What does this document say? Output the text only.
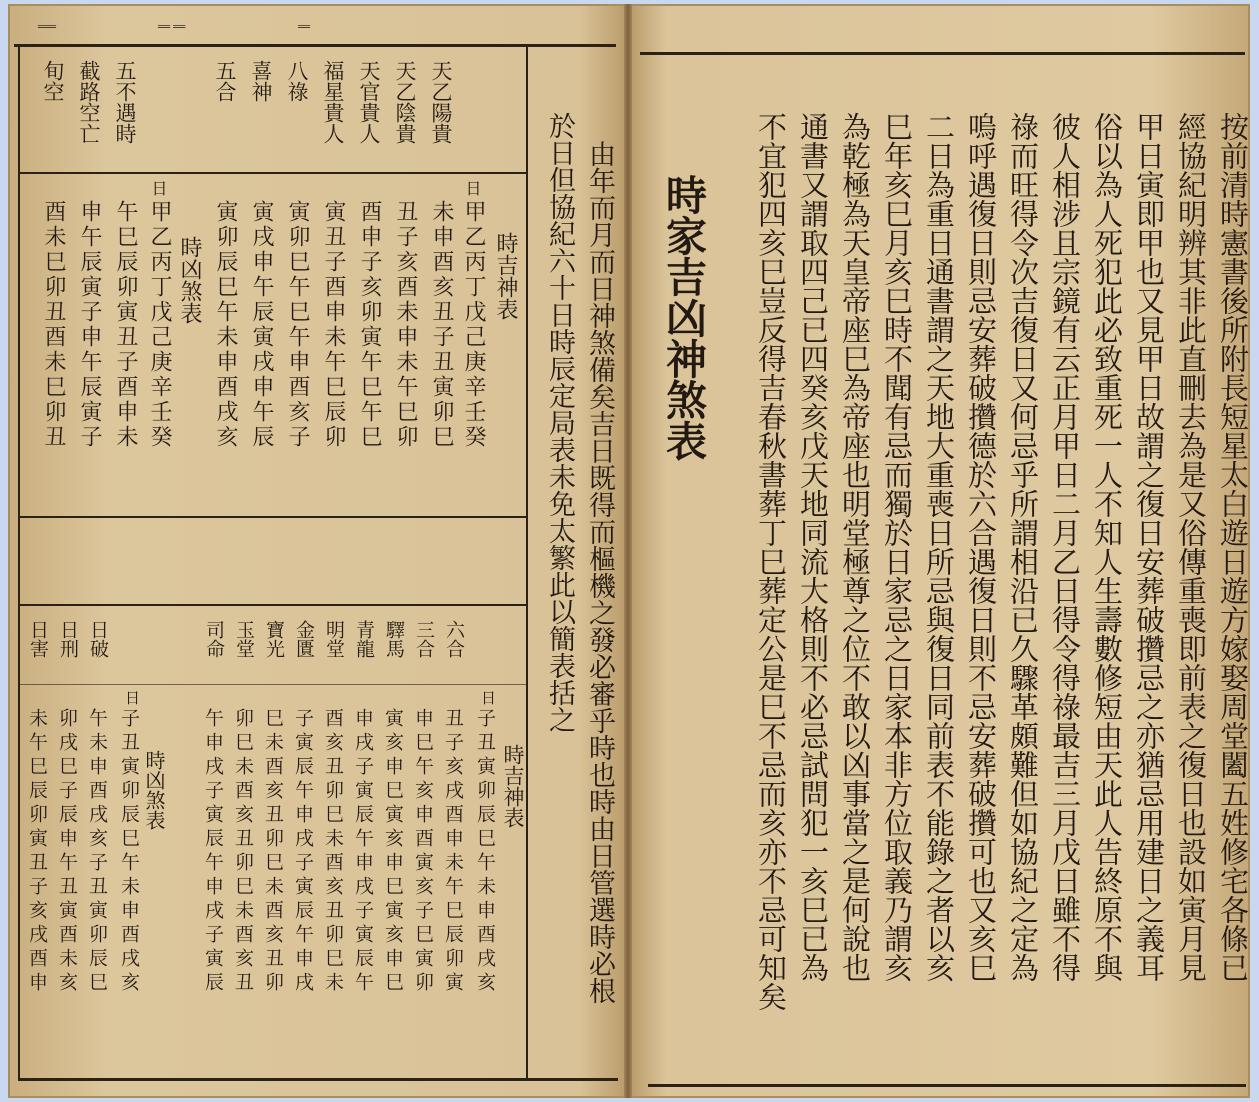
時家吉凶神煞表	按前清時憲書後所附長短星太白遊日遊方嫁娶周堂闔五姓修宅各條已
經協紀明辨其非此直刪去為是又俗傳重喪即前表之復日也設如寅月見
甲日寅即甲也又見甲日故謂之復日安葬破攢忌之亦猶忌用建日之義耳
俗以為人死犯此必致重死一人不知人生壽數修短由天此人告終原不與
彼人相涉且宗鏡有云正月甲日二月乙日得令得祿最吉三月戊日雖不得
祿而旺得令次吉復日又何忌乎所謂相沿已久驟革頗難但如協紀之定為
嗚呼遇復日則忌安葬破攢德於六合遇復日則不忌安葬破攢可也又亥巳
二日為重日通書謂之天地大重喪日所忌與復日同前表不能錄之者以亥
巳年亥巳月亥巳時不聞有忌而獨於日家忌之日家本非方位取義乃謂亥
為乾極為天皇帝座巳為帝座也明堂極尊之位不敢以凶事當之是何說也
通書又謂取四己已四癸亥戊天地同流大格則不必忌試問犯一亥巳已為
不宜犯四亥巳豈反得吉春秋書葬丁巳葬定公是巳不忌而亥亦不忌可知矣
═══	══ ══	══
由年而月而日神煞備矣吉日既得而樞機之發必審乎時也時由日管選時必根
於日但協紀六十日時辰定局表未免太繁此以簡表括之
時吉神表
日
甲乙丙丁戊己庚辛壬癸
天乙陽貴
未申酉亥丑子丑寅卯巳
天乙陰貴
丑子亥酉未申未午巳卯
天官貴人
酉申子亥卯寅午巳午巳
福星貴人
寅丑子酉申未午巳辰卯
八祿
寅卯巳午巳午申酉亥子
喜神
寅戌申午辰寅戌申午辰
五合
寅卯辰巳午未申酉戌亥
時凶煞表
日
甲乙丙丁戊己庚辛壬癸
五不遇時
午巳辰卯寅丑子酉申未
截路空亡
申午辰寅子申午辰寅子
旬空
酉未巳卯丑酉未巳卯丑
時吉神表
日
子丑寅卯辰巳午未申酉戌亥
六合
丑子亥戌酉申未午巳辰卯寅
三合
申巳午亥申酉寅亥子巳寅卯
驛馬
寅亥申巳寅亥申巳寅亥申巳
青龍
申戌子寅辰午申戌子寅辰午
明堂
酉亥丑卯巳未酉亥丑卯巳未
金匱
子寅辰午申戌子寅辰午申戌
寶光
巳未酉亥丑卯巳未酉亥丑卯
玉堂
卯巳未酉亥丑卯巳未酉亥丑
司命
午申戌子寅辰午申戌子寅辰
時凶煞表
日
子丑寅卯辰巳午未申酉戌亥
日破
午未申酉戌亥子丑寅卯辰巳
日刑
卯戌巳子辰申午丑寅酉未亥
日害
未午巳辰卯寅丑子亥戌酉申
